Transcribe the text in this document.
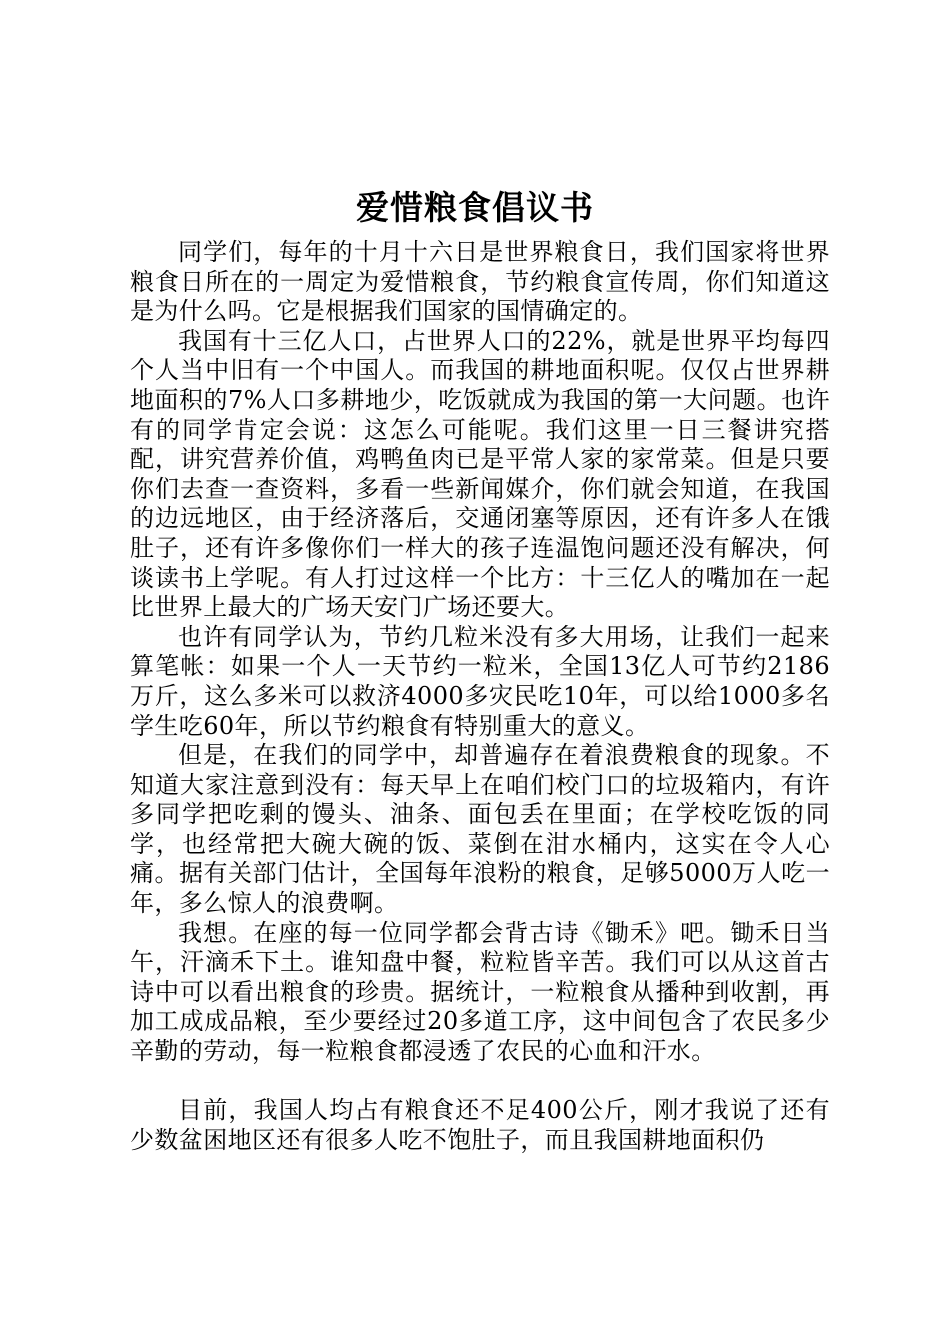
爱惜粮食倡议书

同学们，每年的十月十六日是世界粮食日，我们国家将世界粮食日所在的一周定为爱惜粮食，节约粮食宣传周，你们知道这是为什么吗。它是根据我们国家的国情确定的。

我国有十三亿人口，占世界人口的22%，就是世界平均每四个人当中旧有一个中国人。而我国的耕地面积呢。仅仅占世界耕地面积的7%人口多耕地少，吃饭就成为我国的第一大问题。也许有的同学肯定会说：这怎么可能呢。我们这里一日三餐讲究搭配，讲究营养价值，鸡鸭鱼肉已是平常人家的家常菜。但是只要你们去查一查资料，多看一些新闻媒介，你们就会知道，在我国的边远地区，由于经济落后，交通闭塞等原因，还有许多人在饿肚子，还有许多像你们一样大的孩子连温饱问题还没有解决，何谈读书上学呢。有人打过这样一个比方：十三亿人的嘴加在一起比世界上最大的广场天安门广场还要大。

也许有同学认为，节约几粒米没有多大用场，让我们一起来算笔帐：如果一个人一天节约一粒米，全国13亿人可节约2186万斤，这么多米可以救济4000多灾民吃10年，可以给1000多名学生吃60年，所以节约粮食有特别重大的意义。

但是，在我们的同学中，却普遍存在着浪费粮食的现象。不知道大家注意到没有：每天早上在咱们校门口的垃圾箱内，有许多同学把吃剩的馒头、油条、面包丢在里面；在学校吃饭的同学，也经常把大碗大碗的饭、菜倒在泔水桶内，这实在令人心痛。据有关部门估计，全国每年浪粉的粮食，足够5000万人吃一年，多么惊人的浪费啊。

我想。在座的每一位同学都会背古诗《锄禾》吧。锄禾日当午，汗滴禾下土。谁知盘中餐，粒粒皆辛苦。我们可以从这首古诗中可以看出粮食的珍贵。据统计，一粒粮食从播种到收割，再加工成成品粮，至少要经过20多道工序，这中间包含了农民多少辛勤的劳动，每一粒粮食都浸透了农民的心血和汗水。

目前，我国人均占有粮食还不足400公斤，刚才我说了还有少数盆困地区还有很多人吃不饱肚子，而且我国耕地面积仍
